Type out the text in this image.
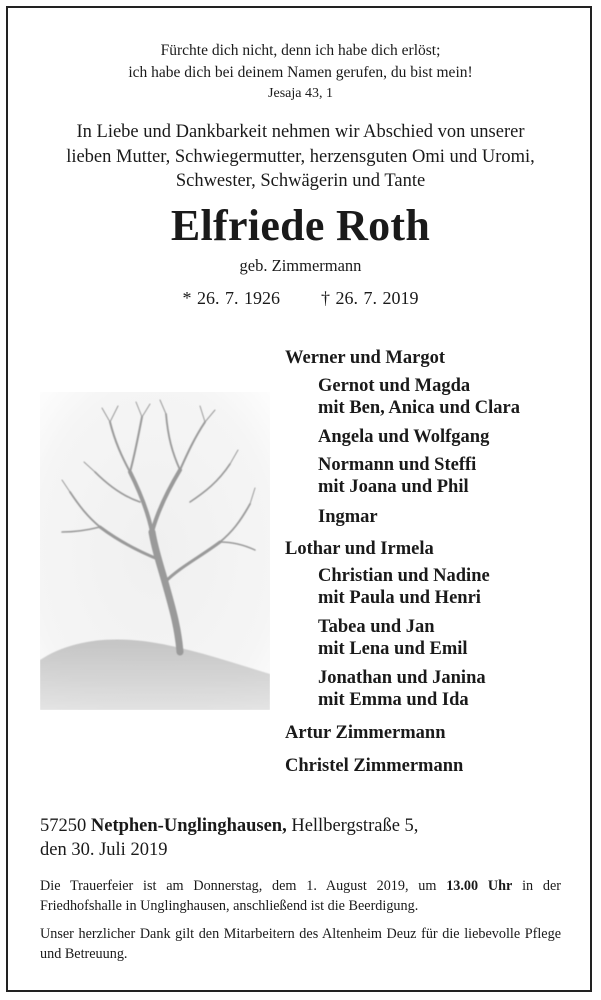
Fürchte dich nicht, denn ich habe dich erlöst;
ich habe dich bei deinem Namen gerufen, du bist mein!
Jesaja 43, 1
In Liebe und Dankbarkeit nehmen wir Abschied von unserer
lieben Mutter, Schwiegermutter, herzensguten Omi und Uromi,
Schwester, Schwägerin und Tante
Elfriede Roth
geb. Zimmermann
* 26. 7. 1926 † 26. 7. 2019
Werner und Margot
Gernot und Magda
mit Ben, Anica und Clara
Angela und Wolfgang
Normann und Steffi
mit Joana und Phil
Ingmar
Lothar und Irmela
Christian und Nadine
mit Paula und Henri
Tabea und Jan
mit Lena und Emil
Jonathan und Janina
mit Emma und Ida
Artur Zimmermann
Christel Zimmermann
57250 Netphen-Unglinghausen, Hellbergstraße 5,
den 30. Juli 2019
Die Trauerfeier ist am Donnerstag, dem 1. August 2019, um 13.00 Uhr in der Friedhofshalle in Unglinghausen, anschließend ist die Beerdigung.
Unser herzlicher Dank gilt den Mitarbeitern des Altenheim Deuz für die liebevolle Pflege und Betreuung.
